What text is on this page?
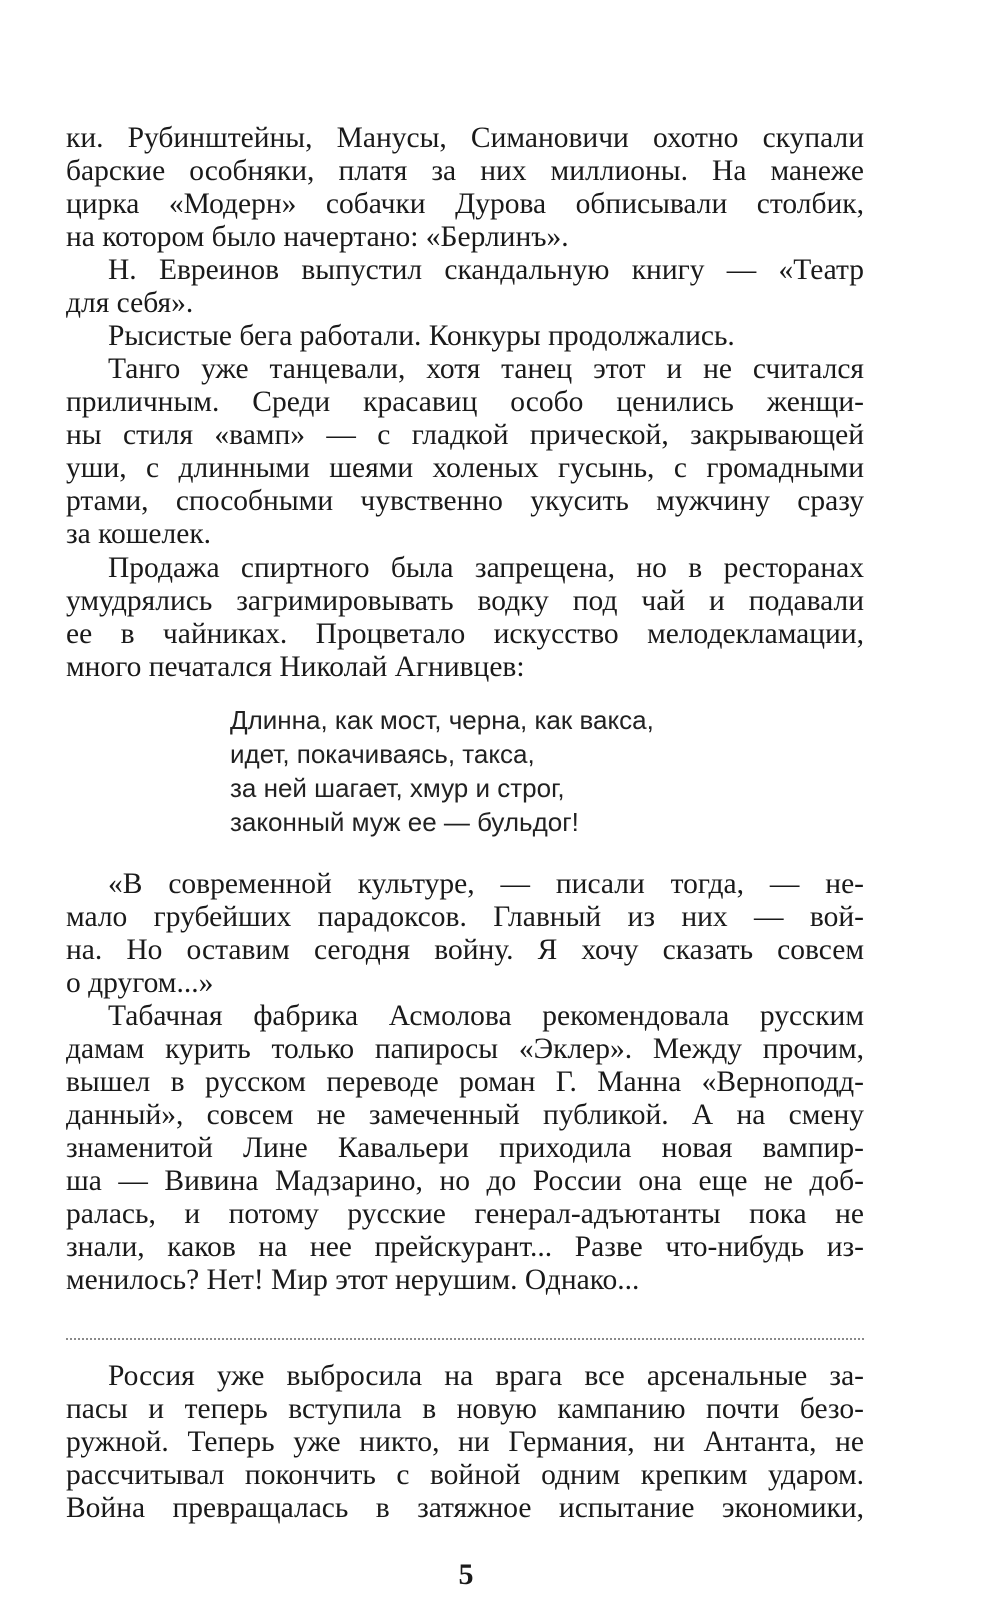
ки. Рубинштейны, Манусы, Симановичи охотно скупали
барские особняки, платя за них миллионы. На манеже
цирка «Модерн» собачки Дурова обписывали столбик,
на котором было начертано: «Берлинъ».
Н. Евреинов выпустил скандальную книгу — «Театр
для себя».
Рысистые бега работали. Конкуры продолжались.
Танго уже танцевали, хотя танец этот и не считался
приличным. Среди красавиц особо ценились женщи-
ны стиля «вамп» — с гладкой прической, закрывающей
уши, с длинными шеями холеных гусынь, с громадными
ртами, способными чувственно укусить мужчину сразу
за кошелек.
Продажа спиртного была запрещена, но в ресторанах
умудрялись загримировывать водку под чай и подавали
ее в чайниках. Процветало искусство мелодекламации,
много печатался Николай Агнивцев:
Длинна, как мост, черна, как вакса,
идет, покачиваясь, такса,
за ней шагает, хмур и строг,
законный муж ее — бульдог!
«В современной культуре, — писали тогда, — не-
мало грубейших парадоксов. Главный из них — вой-
на. Но оставим сегодня войну. Я хочу сказать совсем
о другом...»
Табачная фабрика Асмолова рекомендовала русским
дамам курить только папиросы «Эклер». Между прочим,
вышел в русском переводе роман Г. Манна «Верноподд-
данный», совсем не замеченный публикой. А на смену
знаменитой Лине Кавальери приходила новая вампир-
ша — Вивина Мадзарино, но до России она еще не доб-
ралась, и потому русские генерал-адъютанты пока не
знали, каков на нее прейскурант... Разве что-нибудь из-
менилось? Нет! Мир этот нерушим. Однако...
Россия уже выбросила на врага все арсенальные за-
пасы и теперь вступила в новую кампанию почти безо-
ружной. Теперь уже никто, ни Германия, ни Антанта, не
рассчитывал покончить с войной одним крепким ударом.
Война превращалась в затяжное испытание экономики,
5
